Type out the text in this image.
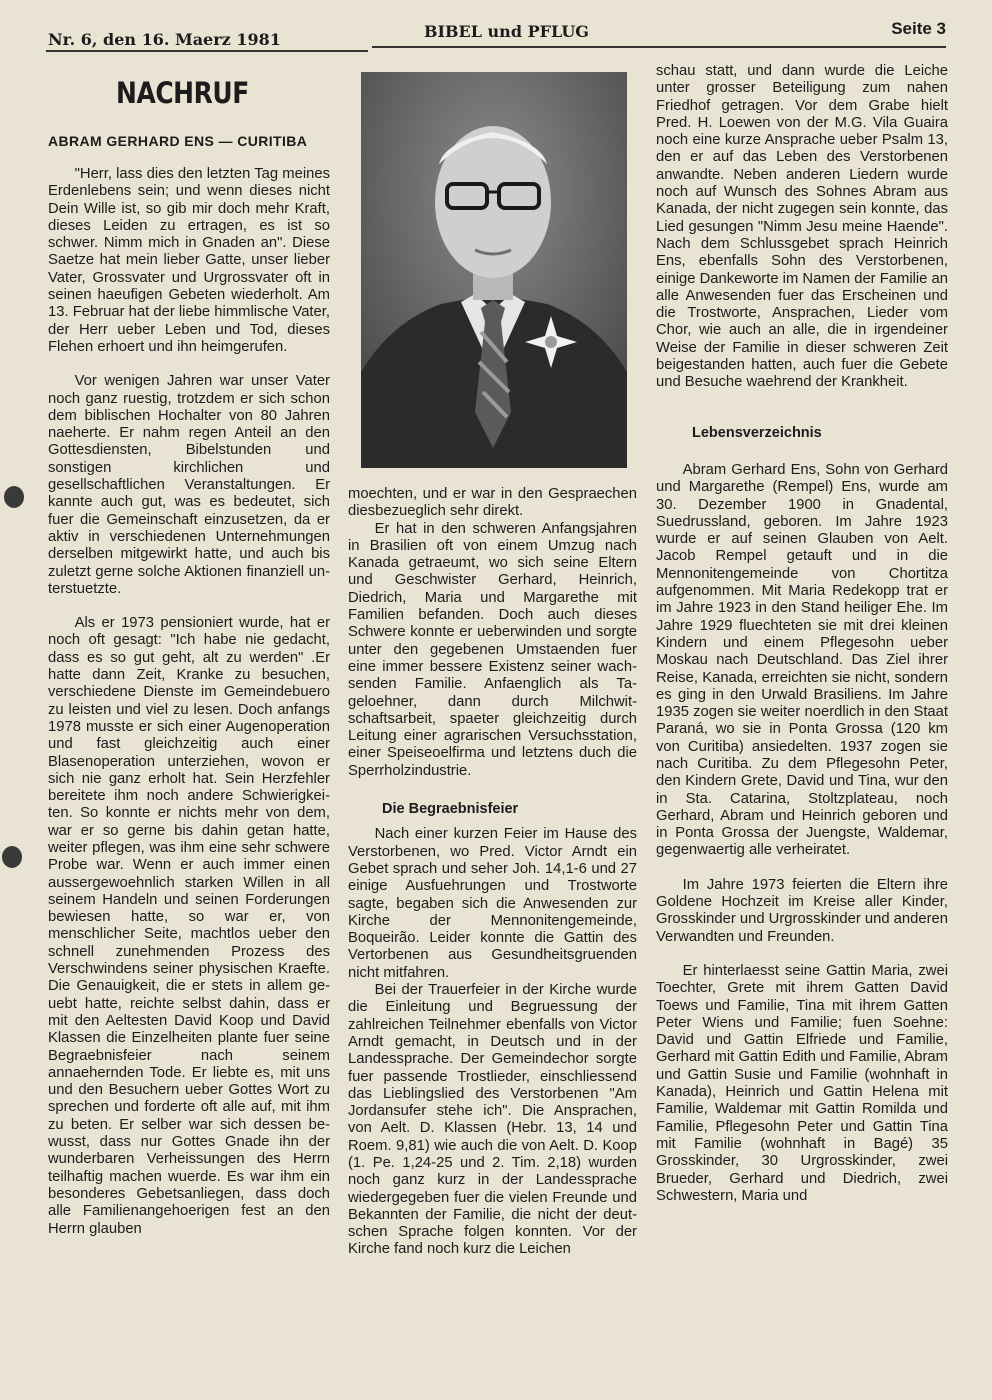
Nr. 6, den 16. Maerz 1981	BIBEL und PFLUG	Seite 3
NACHRUF
ABRAM GERHARD ENS — CURITIBA

"Herr, lass dies den letzten Tag meines Erdenlebens sein; und wenn dieses nicht Dein Wille ist, so gib mir doch mehr Kraft, dieses Leiden zu ertragen, es ist so schwer. Nimm mich in Gnaden an". Diese Saetze hat mein lieber Gatte, unser lieber Vater, Grossvater und Urgrossvater oft in seinen haeufigen Gebeten wiederholt. Am 13. Februar hat der liebe himmlische Vater, der Herr ueber Leben und Tod, dieses Flehen erhoert und ihn heimgerufen.

Vor wenigen Jahren war unser Vater noch ganz ruestig, trotzdem er sich schon dem biblischen Hochalter von 80 Jahren naeherte. Er nahm regen Anteil an den Gottesdiensten, Bibelstunden und sonstigen kirchlichen und gesellschaftlichen Veranstaltungen. Er kannte auch gut, was es bedeutet, sich fuer die Gemeinschaft einzusetzen, da er aktiv in verschiedenen Unternehmungen derselben mitgewirkt hatte, und auch bis zuletzt gerne solche Aktionen finanziell unterstuetzte.

Als er 1973 pensioniert wurde, hat er noch oft gesagt: "Ich habe nie gedacht, dass es so gut geht, alt zu werden" .Er hatte dann Zeit, Kranke zu besuchen, verschiedene Dienste im Gemeindebuero zu leisten und viel zu lesen. Doch anfangs 1978 musste er sich einer Augenoperation und fast gleichzeitig auch einer Blasenoperation unterziehen, wovon er sich nie ganz erholt hat. Sein Herzfehler bereitete ihm noch andere Schwierigkeiten. So konnte er nichts mehr von dem, war er so gerne bis dahin getan hatte, weiter pflegen, was ihm eine sehr schwere Probe war. Wenn er auch immer einen aussergewoehnlich starken Willen in all seinem Handeln und seinen Forderungen bewiesen hatte, so war er, von menschlicher Seite, machtlos ueber den schnell zunehmenden Prozess des Verschwindens seiner physischen Kraefte. Die Genauigkeit, die er stets in allem geuebt hatte, reichte selbst dahin, dass er mit den Aeltesten David Koop und David Klassen die Einzelheiten plante fuer seine Begraebnisfeier nach seinem annaehernden Tode. Er liebte es, mit uns und den Besuchern ueber Gottes Wort zu sprechen und forderte oft alle auf, mit ihm zu beten. Er selber war sich dessen bewusst, dass nur Gottes Gnade ihn der wunderbaren Verheissungen des Herrn teilhaftig machen wuerde. Es war ihm ein besonderes Gebetsanliegen, dass doch alle Familienangehoerigen fest an den Herrn glauben

moechten, und er war in den Gespraechen diesbezueglich sehr direkt.

Er hat in den schweren Anfangsjahren in Brasilien oft von einem Umzug nach Kanada getraeumt, wo sich seine Eltern und Geschwister Gerhard, Heinrich, Diedrich, Maria und Margarethe mit Familien befanden. Doch auch dieses Schwere konnte er ueberwinden und sorgte unter den gegebenen Umstaenden fuer eine immer bessere Existenz seiner wachsenden Familie. Anfaenglich als Tageloehner, dann durch Milchwitschaftsarbeit, spaeter gleichzeitig durch Leitung einer agrarischen Versuchsstation, einer Speiseoelfirma und letztens duch die Sperrholzindustrie.

Die Begraebnisfeier

Nach einer kurzen Feier im Hause des Verstorbenen, wo Pred. Victor Arndt ein Gebet sprach und seher Joh. 14,1-6 und 27 einige Ausfuehrungen und Trostworte sagte, begaben sich die Anwesenden zur Kirche der Mennonitengemeinde, Boqueirão. Leider konnte die Gattin des Vertorbenen aus Gesundheitsgruenden nicht mitfahren.

Bei der Trauerfeier in der Kirche wurde die Einleitung und Begruessung der zahlreichen Teilnehmer ebenfalls von Victor Arndt gemacht, in Deutsch und in der Landessprache. Der Gemeindechor sorgte fuer passende Trostlieder, einschliessend das Lieblingslied des Verstorbenen "Am Jordansufer stehe ich". Die Ansprachen, von Aelt. D. Klassen (Hebr. 13, 14 und Roem. 9,81) wie auch die von Aelt. D. Koop (1. Pe. 1,24-25 und 2. Tim. 2,18) wurden noch ganz kurz in der Landessprache wiedergegeben fuer die vielen Freunde und Bekannten der Familie, die nicht der deutschen Sprache folgen konnten. Vor der Kirche fand noch kurz die Leichen

schau statt, und dann wurde die Leiche unter grosser Beteiligung zum nahen Friedhof getragen. Vor dem Grabe hielt Pred. H. Loewen von der M.G. Vila Guaira noch eine kurze Ansprache ueber Psalm 13, den er auf das Leben des Verstorbenen anwandte. Neben anderen Liedern wurde noch auf Wunsch des Sohnes Abram aus Kanada, der nicht zugegen sein konnte, das Lied gesungen "Nimm Jesu meine Haende". Nach dem Schlussgebet sprach Heinrich Ens, ebenfalls Sohn des Verstorbenen, einige Dankeworte im Namen der Familie an alle Anwesenden fuer das Erscheinen und die Trostworte, Ansprachen, Lieder vom Chor, wie auch an alle, die in irgendeiner Weise der Familie in dieser schweren Zeit beigestanden hatten, auch fuer die Gebete und Besuche waehrend der Krankheit.

Lebensverzeichnis

Abram Gerhard Ens, Sohn von Gerhard und Margarethe (Rempel) Ens, wurde am 30. Dezember 1900 in Gnadental, Suedrussland, geboren. Im Jahre 1923 wurde er auf seinen Glauben von Aelt. Jacob Rempel getauft und in die Mennonitengemeinde von Chortitza aufgenommen. Mit Maria Redekopp trat er im Jahre 1923 in den Stand heiliger Ehe. Im Jahre 1929 fluechteten sie mit drei kleinen Kindern und einem Pflegesohn ueber Moskau nach Deutschland. Das Ziel ihrer Reise, Kanada, erreichten sie nicht, sondern es ging in den Urwald Brasiliens. Im Jahre 1935 zogen sie weiter noerdlich in den Staat Paraná, wo sie in Ponta Grossa (120 km von Curitiba) ansiedelten. 1937 zogen sie nach Curitiba. Zu dem Pflegesohn Peter, den Kindern Grete, David und Tina, wur den in Sta. Catarina, Stoltzplateau, noch Gerhard, Abram und Heinrich geboren und in Ponta Grossa der Juengste, Waldemar, gegenwaertig alle verheiratet.

Im Jahre 1973 feierten die Eltern ihre Goldene Hochzeit im Kreise aller Kinder, Grosskinder und Urgrosskinder und anderen Verwandten und Freunden.

Er hinterlaesst seine Gattin Maria, zwei Toechter, Grete mit ihrem Gatten David Toews und Familie, Tina mit ihrem Gatten Peter Wiens und Familie; fuen Soehne: David und Gattin Elfriede und Familie, Gerhard mit Gattin Edith und Familie, Abram und Gattin Susie und Familie (wohnhaft in Kanada), Heinrich und Gattin Helena mit Familie, Waldemar mit Gattin Romilda und Familie, Pflegesohn Peter und Gattin Tina mit Familie (wohnhaft in Bagé) 35 Grosskinder, 30 Urgrosskinder, zwei Brueder, Gerhard und Diedrich, zwei Schwestern, Maria und
